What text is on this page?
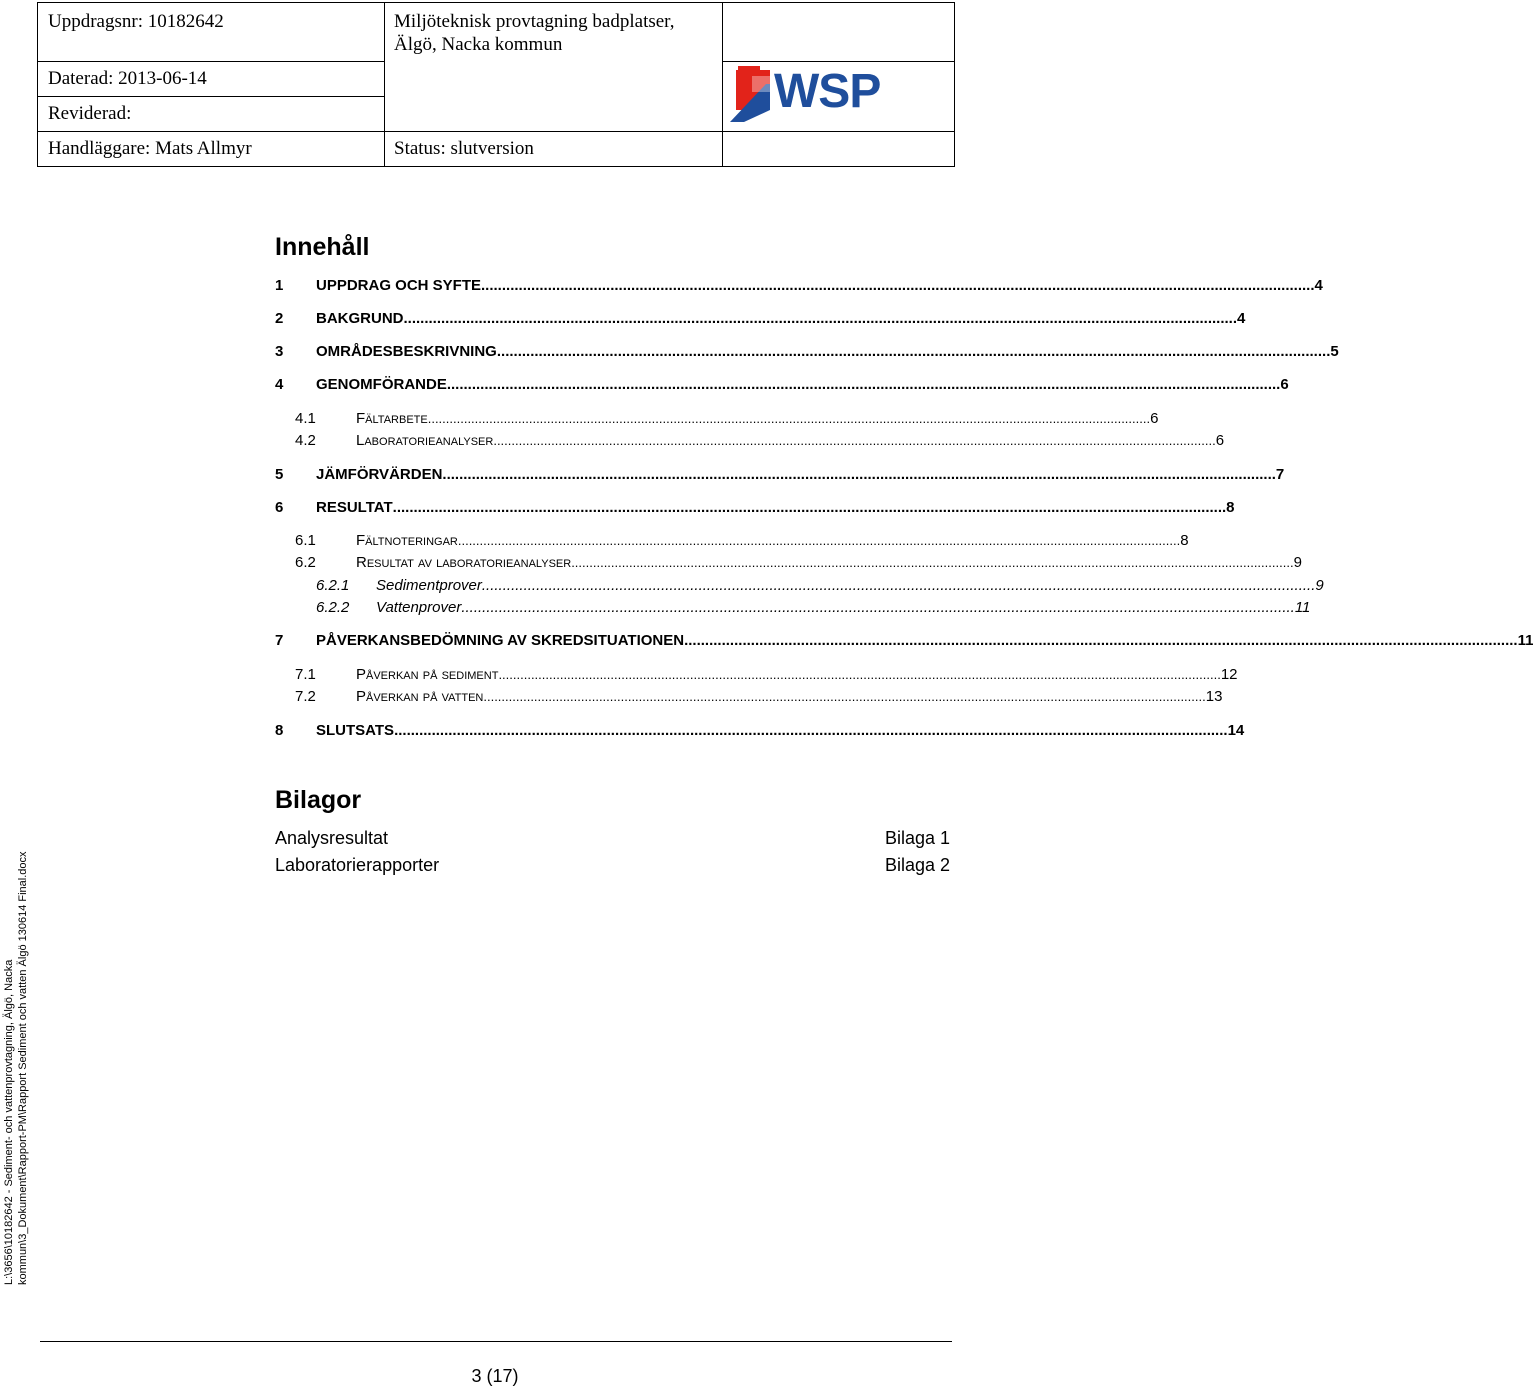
Uppdragsnr: 10182642	Miljöteknisk provtagning badplatser,
Älgö, Nacka kommun
Daterad: 2013-06-14
Reviderad:
Handläggare: Mats Allmyr	Status: slutversion
WSP
Innehåll
1 UPPDRAG OCH SYFTE ........................................................................................................................................................................................................ 4
2 BAKGRUND ........................................................................................................................................................................................................ 4
3 OMRÅDESBESKRIVNING ........................................................................................................................................................................................................ 5
4 GENOMFÖRANDE ........................................................................................................................................................................................................ 6
4.1	Fältarbete ........................................................................................................................................................................................................ 6
4.2	Laboratorieanalyser ........................................................................................................................................................................................................ 6
5 JÄMFÖRVÄRDEN ........................................................................................................................................................................................................ 7
6 RESULTAT ........................................................................................................................................................................................................ 8
6.1	Fältnoteringar ........................................................................................................................................................................................................ 8
6.2	Resultat av laboratorieanalyser ........................................................................................................................................................................................................ 9
6.2.1 Sedimentprover ........................................................................................................................................................................................................ 9
6.2.2 Vattenprover ........................................................................................................................................................................................................ 11
7 PÅVERKANSBEDÖMNING AV SKREDSITUATIONEN ........................................................................................................................................................................................................ 11
7.1	Påverkan på sediment ........................................................................................................................................................................................................ 12
7.2	Påverkan på vatten ........................................................................................................................................................................................................ 13
8 SLUTSATS ........................................................................................................................................................................................................ 14
Bilagor
Analysresultat	Bilaga 1
Laboratorierapporter	Bilaga 2
L:\3656\10182642 - Sediment- och vattenprovtagning, Älgö, Nacka kommun\3_Dokument\Rapport-PM\Rapport Sediment och vatten Älgö 130614 Final.docx
3 (17)
